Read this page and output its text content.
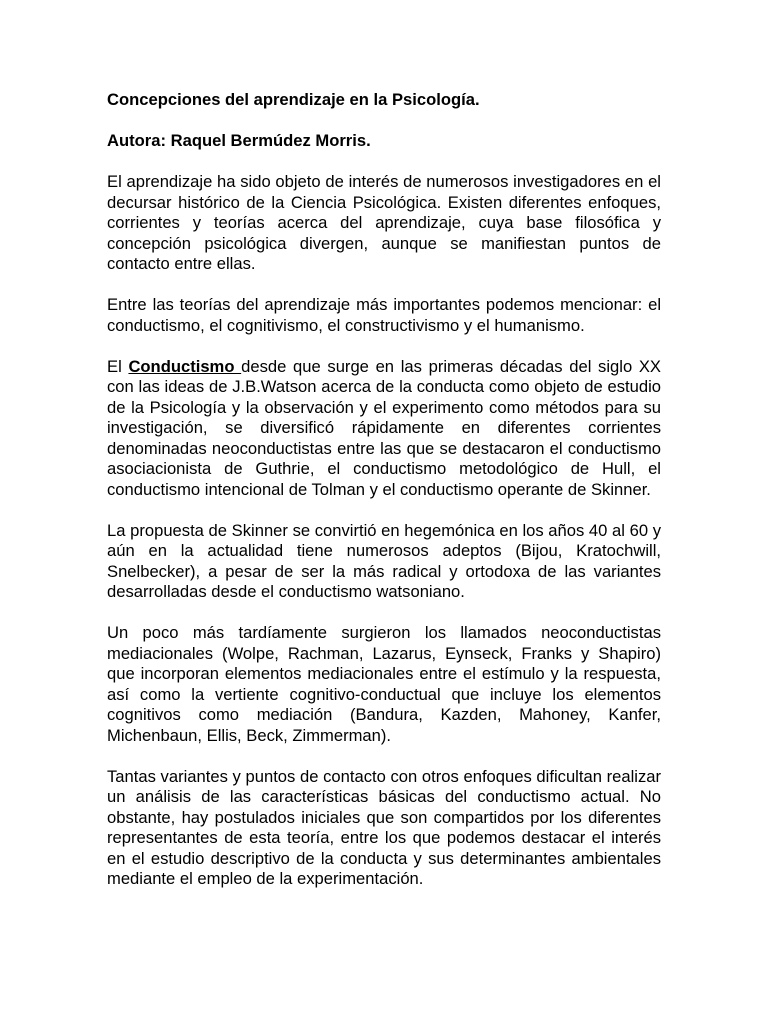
Concepciones del aprendizaje en la Psicología.

Autora: Raquel Bermúdez Morris.

El aprendizaje ha sido objeto de interés de numerosos investigadores en el decursar histórico de la Ciencia Psicológica. Existen diferentes enfoques, corrientes y teorías acerca del aprendizaje, cuya base filosófica y concepción psicológica divergen, aunque se manifiestan puntos de contacto entre ellas.

Entre las teorías del aprendizaje más importantes podemos mencionar: el conductismo, el cognitivismo, el constructivismo y el humanismo.

El Conductismo desde que surge en las primeras décadas del siglo XX con las ideas de J.B.Watson acerca de la conducta como objeto de estudio de la Psicología y la observación y el experimento como métodos para su investigación, se diversificó rápidamente en diferentes corrientes denominadas neoconductistas entre las que se destacaron el conductismo asociacionista de Guthrie, el conductismo metodológico de Hull, el conductismo intencional de Tolman y el conductismo operante de Skinner.

La propuesta de Skinner se convirtió en hegemónica en los años 40 al 60 y aún en la actualidad tiene numerosos adeptos (Bijou, Kratochwill, Snelbecker), a pesar de ser la más radical y ortodoxa de las variantes desarrolladas desde el conductismo watsoniano.

Un poco más tardíamente surgieron los llamados neoconductistas mediacionales (Wolpe, Rachman, Lazarus, Eynseck, Franks y Shapiro) que incorporan elementos mediacionales entre el estímulo y la respuesta, así como la vertiente cognitivo-conductual que incluye los elementos cognitivos como mediación (Bandura, Kazden, Mahoney, Kanfer, Michenbaun, Ellis, Beck, Zimmerman).

Tantas variantes y puntos de contacto con otros enfoques dificultan realizar un análisis de las características básicas del conductismo actual. No obstante, hay postulados iniciales que son compartidos por los diferentes representantes de esta teoría, entre los que podemos destacar el interés en el estudio descriptivo de la conducta y sus determinantes ambientales mediante el empleo de la experimentación.
